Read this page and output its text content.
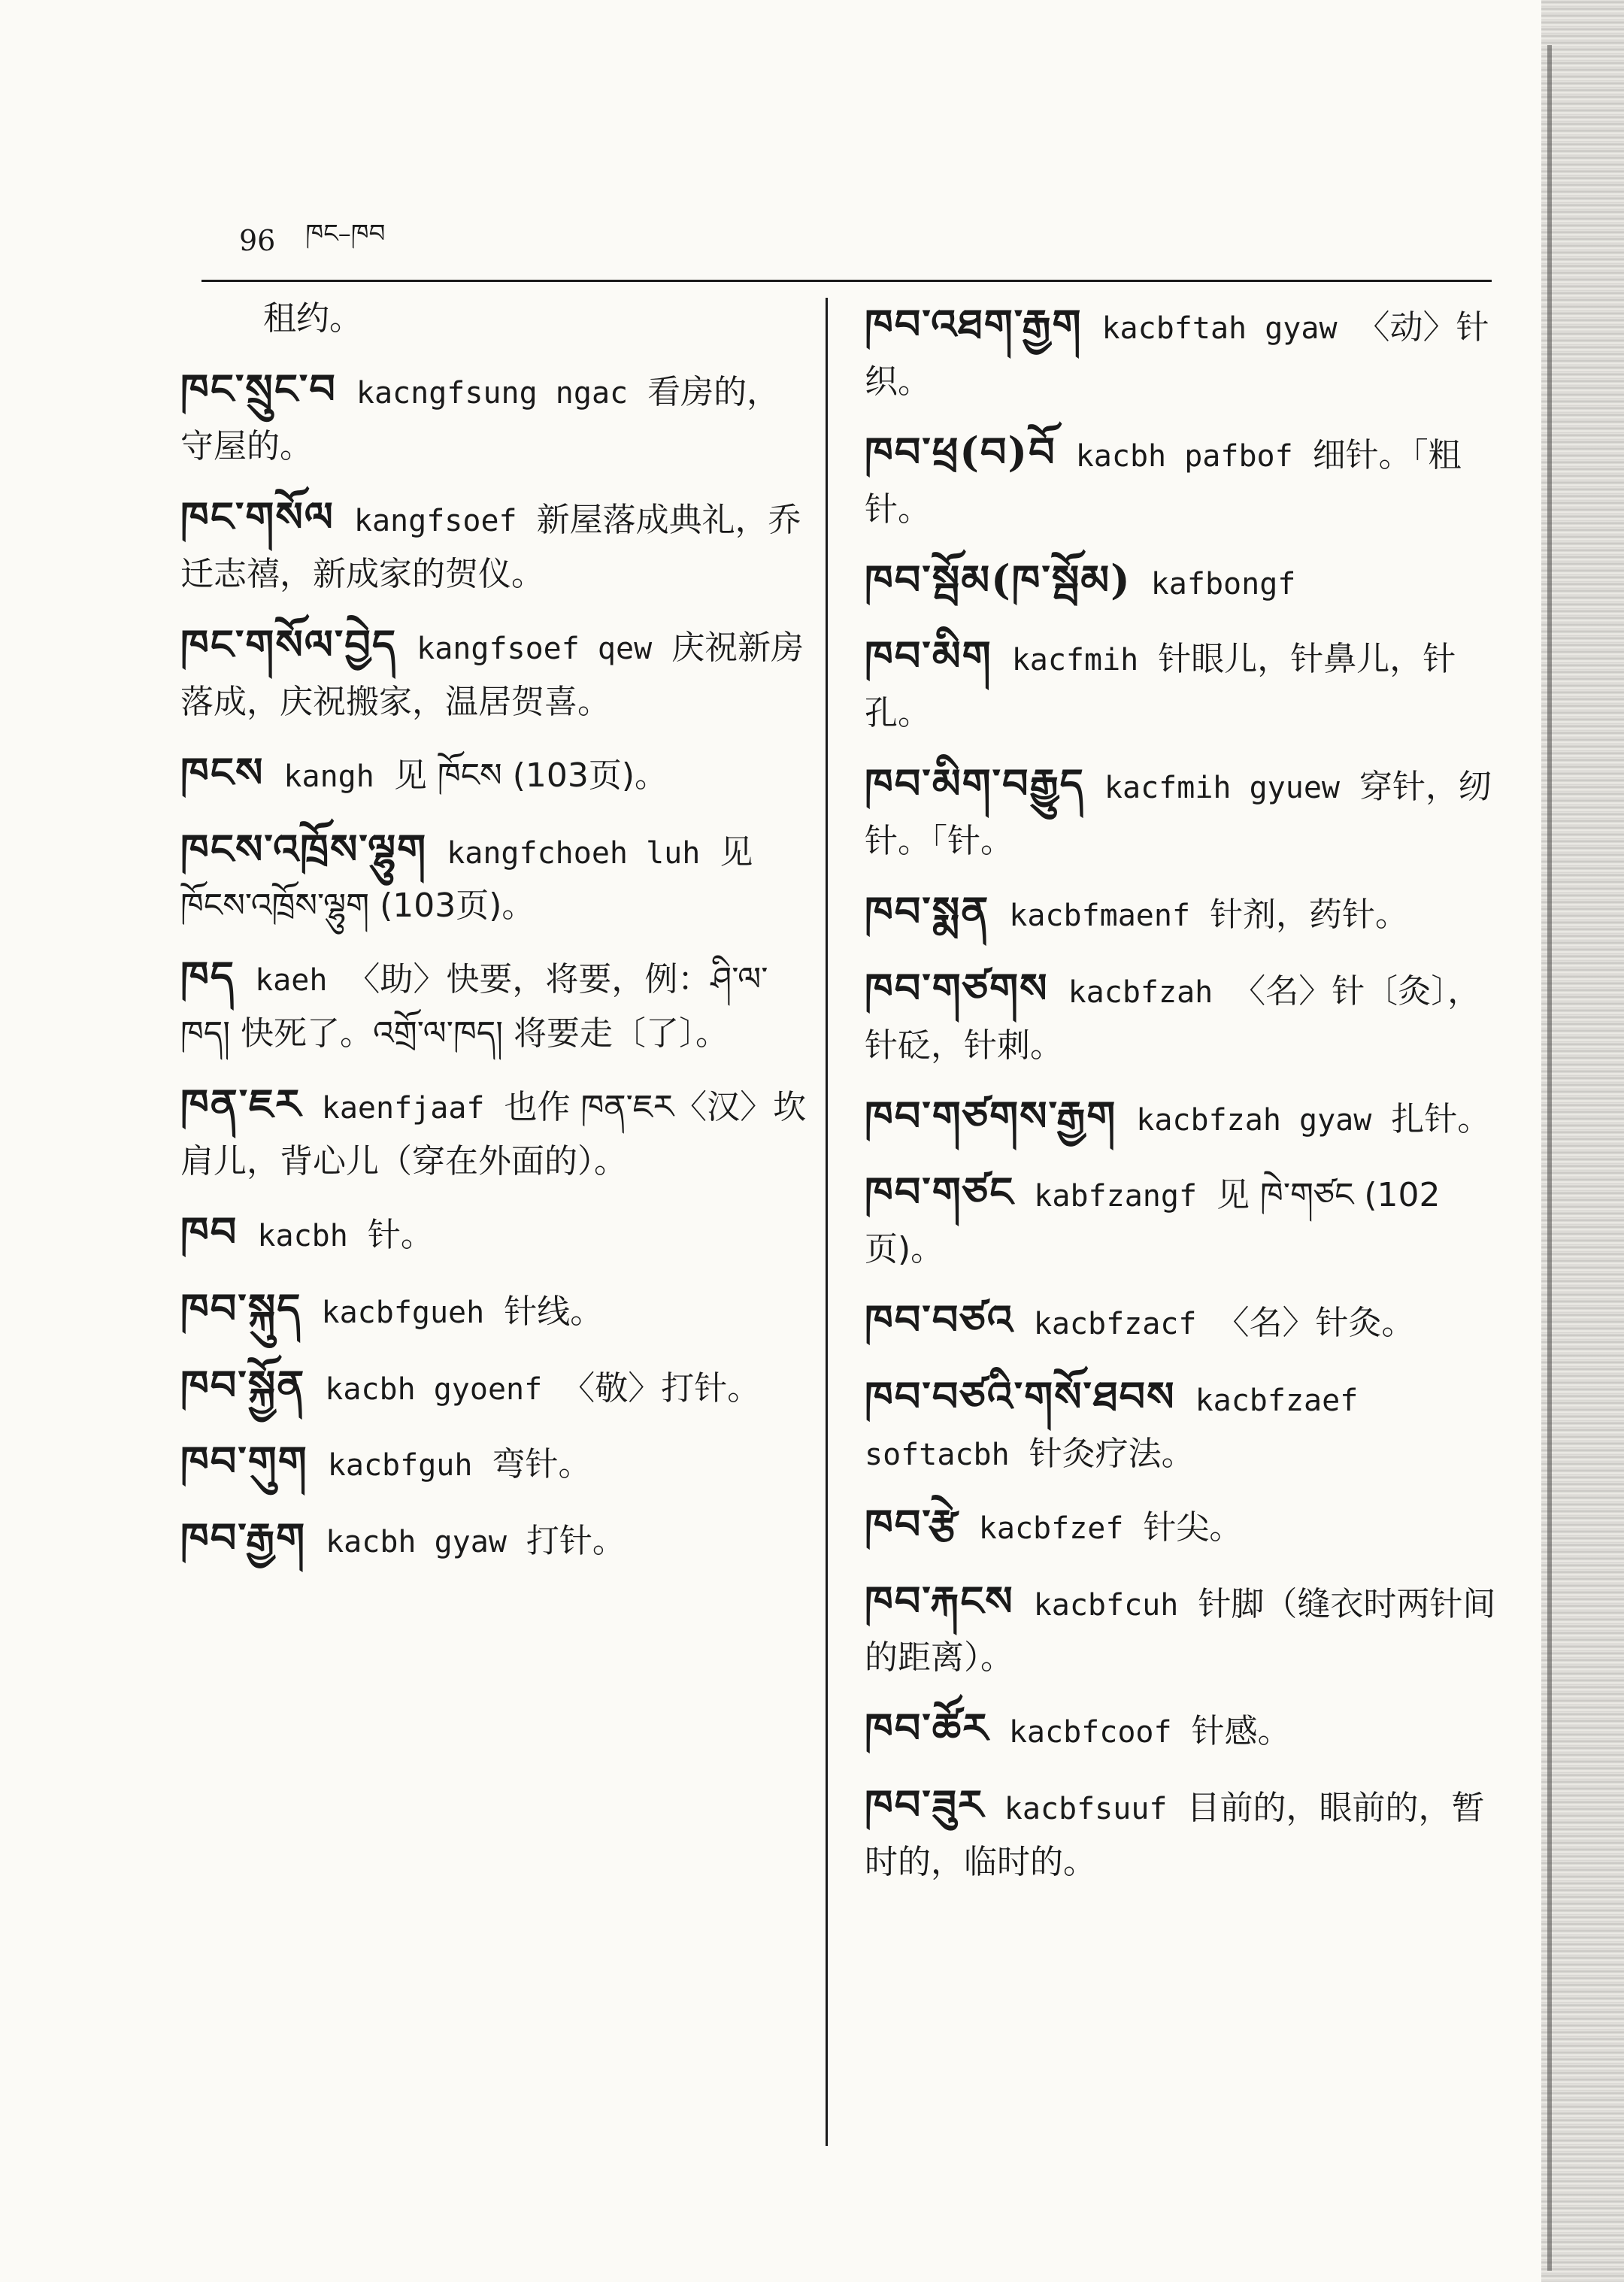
96 ཁང–ཁབ
租约。
ཁང་སྲུང་བ kacngfsung ngac 看房的，守屋的。
ཁང་གསོལ kangfsoef 新屋落成典礼，乔迁志禧，新成家的贺仪。
ཁང་གསོལ་བྱེད kangfsoef qew 庆祝新房落成，庆祝搬家，温居贺喜。
ཁངས kangh 见 ཁོངས (103页)。
ཁངས་འཁྲོས་ལྷུག kangfchoeh luh 见 ཁོངས་འཁྲོས་ལྷུག (103页)。
ཁད kaeh 〈助〉快要，将要，例：ཤི་ལ་ཁད། 快死了。འགྲོ་ལ་ཁད། 将要走〔了〕。
ཁན་ཇར kaenfjaaf 也作 ཁན་ཇར〈汉〉坎肩儿，背心儿（穿在外面的）。
ཁབ kacbh 针。
ཁབ་སྐུད kacbfgueh 针线。
ཁབ་སྐྱོན kacbh gyoenf 〈敬〉打针。
ཁབ་གུག kacbfguh 弯针。
ཁབ་རྒྱག kacbh gyaw 打针。
ཁབ་འཐག་རྒྱག kacbftah gyaw 〈动〉针织。
ཁབ་ཕྲ(བ)བོ kacbh pafbof 细针。「粗针。
ཁབ་སྦོམ(ཁ་སྦོམ) kafbongf
ཁབ་མིག kacfmih 针眼儿，针鼻儿，针孔。
ཁབ་མིག་བརྒྱུད kacfmih gyuew 穿针，纫针。「针。
ཁབ་སྨན kacbfmaenf 针剂，药针。
ཁབ་གཙགས kacbfzah 〈名〉针〔灸〕，针砭，针刺。
ཁབ་གཙགས་རྒྱག kacbfzah gyaw 扎针。
ཁབ་གཙང kabfzangf 见 ཁེ་གཙང (102页)。
ཁབ་བཙའ kacbfzacf 〈名〉针灸。
ཁབ་བཙའི་གསོ་ཐབས kacbfzaef softacbh 针灸疗法。
ཁབ་རྩེ kacbfzef 针尖。
ཁབ་རྐངས kacbfcuh 针脚（缝衣时两针间的距离）。
ཁབ་ཚོར kacbfcoof 针感。
ཁབ་ཟུར kacbfsuuf 目前的，眼前的，暂时的，临时的。
